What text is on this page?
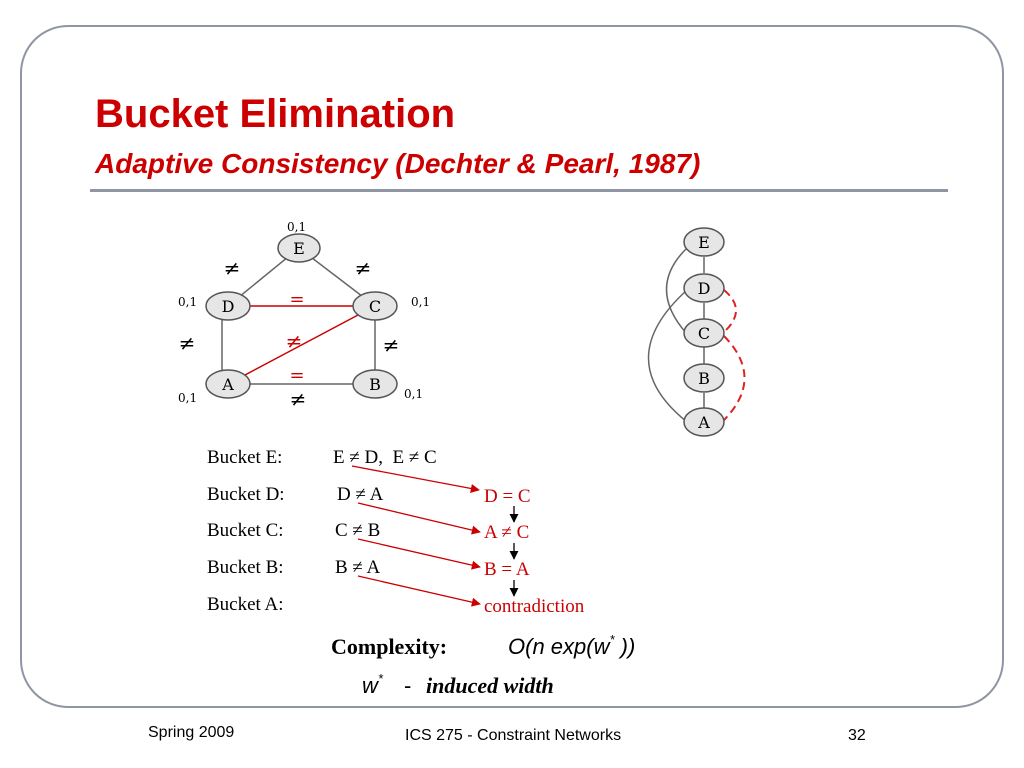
Bucket Elimination
Adaptive Consistency (Dechter & Pearl, 1987)
E
D	C
A	B
0,1
0,1	0,1
0,1	0,1
≠	≠
=
≠
=
≠	≠
≠
E
D
C
B
A
Bucket E:	E ≠ D,  E ≠ C
Bucket D:	D ≠ A
Bucket C:	C ≠ B
Bucket B:	B ≠ A
Bucket A:
D = C
A ≠ C
B = A
contradiction
Complexity:	O(n exp(w* ))
w* - induced width
Spring 2009	ICS 275 - Constraint Networks	32
